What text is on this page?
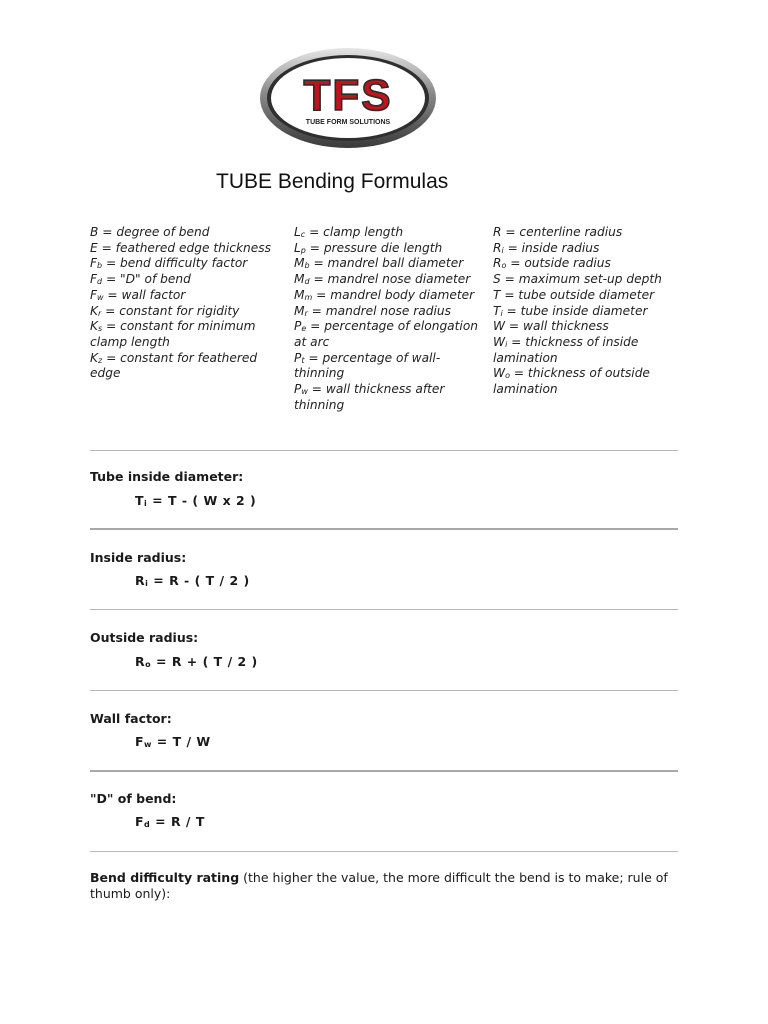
TFS
TUBE FORM SOLUTIONS
TUBE Bending Formulas
B = degree of bend
E = feathered edge thickness
$F_b$ = bend difficulty factor
$F_d$ = "D" of bend
$F_w$ = wall factor
$K_r$ = constant for rigidity
$K_s$ = constant for minimum clamp length
$K_z$ = constant for feathered edge
$L_c$ = clamp length
$L_p$ = pressure die length
$M_b$ = mandrel ball diameter
$M_d$ = mandrel nose diameter
$M_m$ = mandrel body diameter
$M_r$ = mandrel nose radius
$P_e$ = percentage of elongation at arc
$P_t$ = percentage of wall-thinning
$P_w$ = wall thickness after thinning
R = centerline radius
$R_i$ = inside radius
$R_o$ = outside radius
S = maximum set-up depth
T = tube outside diameter
$T_i$ = tube inside diameter
W = wall thickness
$W_i$ = thickness of inside lamination
$W_o$ = thickness of outside lamination

Tube inside diameter:

$T_i = T$ - ( W x 2 )

Inside radius:

$R_i = R$ - ( T / 2 )

Outside radius:

$R_o = R$ + ( T / 2 )

Wall factor:

$F_w = T / W$

"D" of bend:

$F_d = R / T$

Bend difficulty rating (the higher the value, the more difficult the bend is to make; rule of thumb only):
